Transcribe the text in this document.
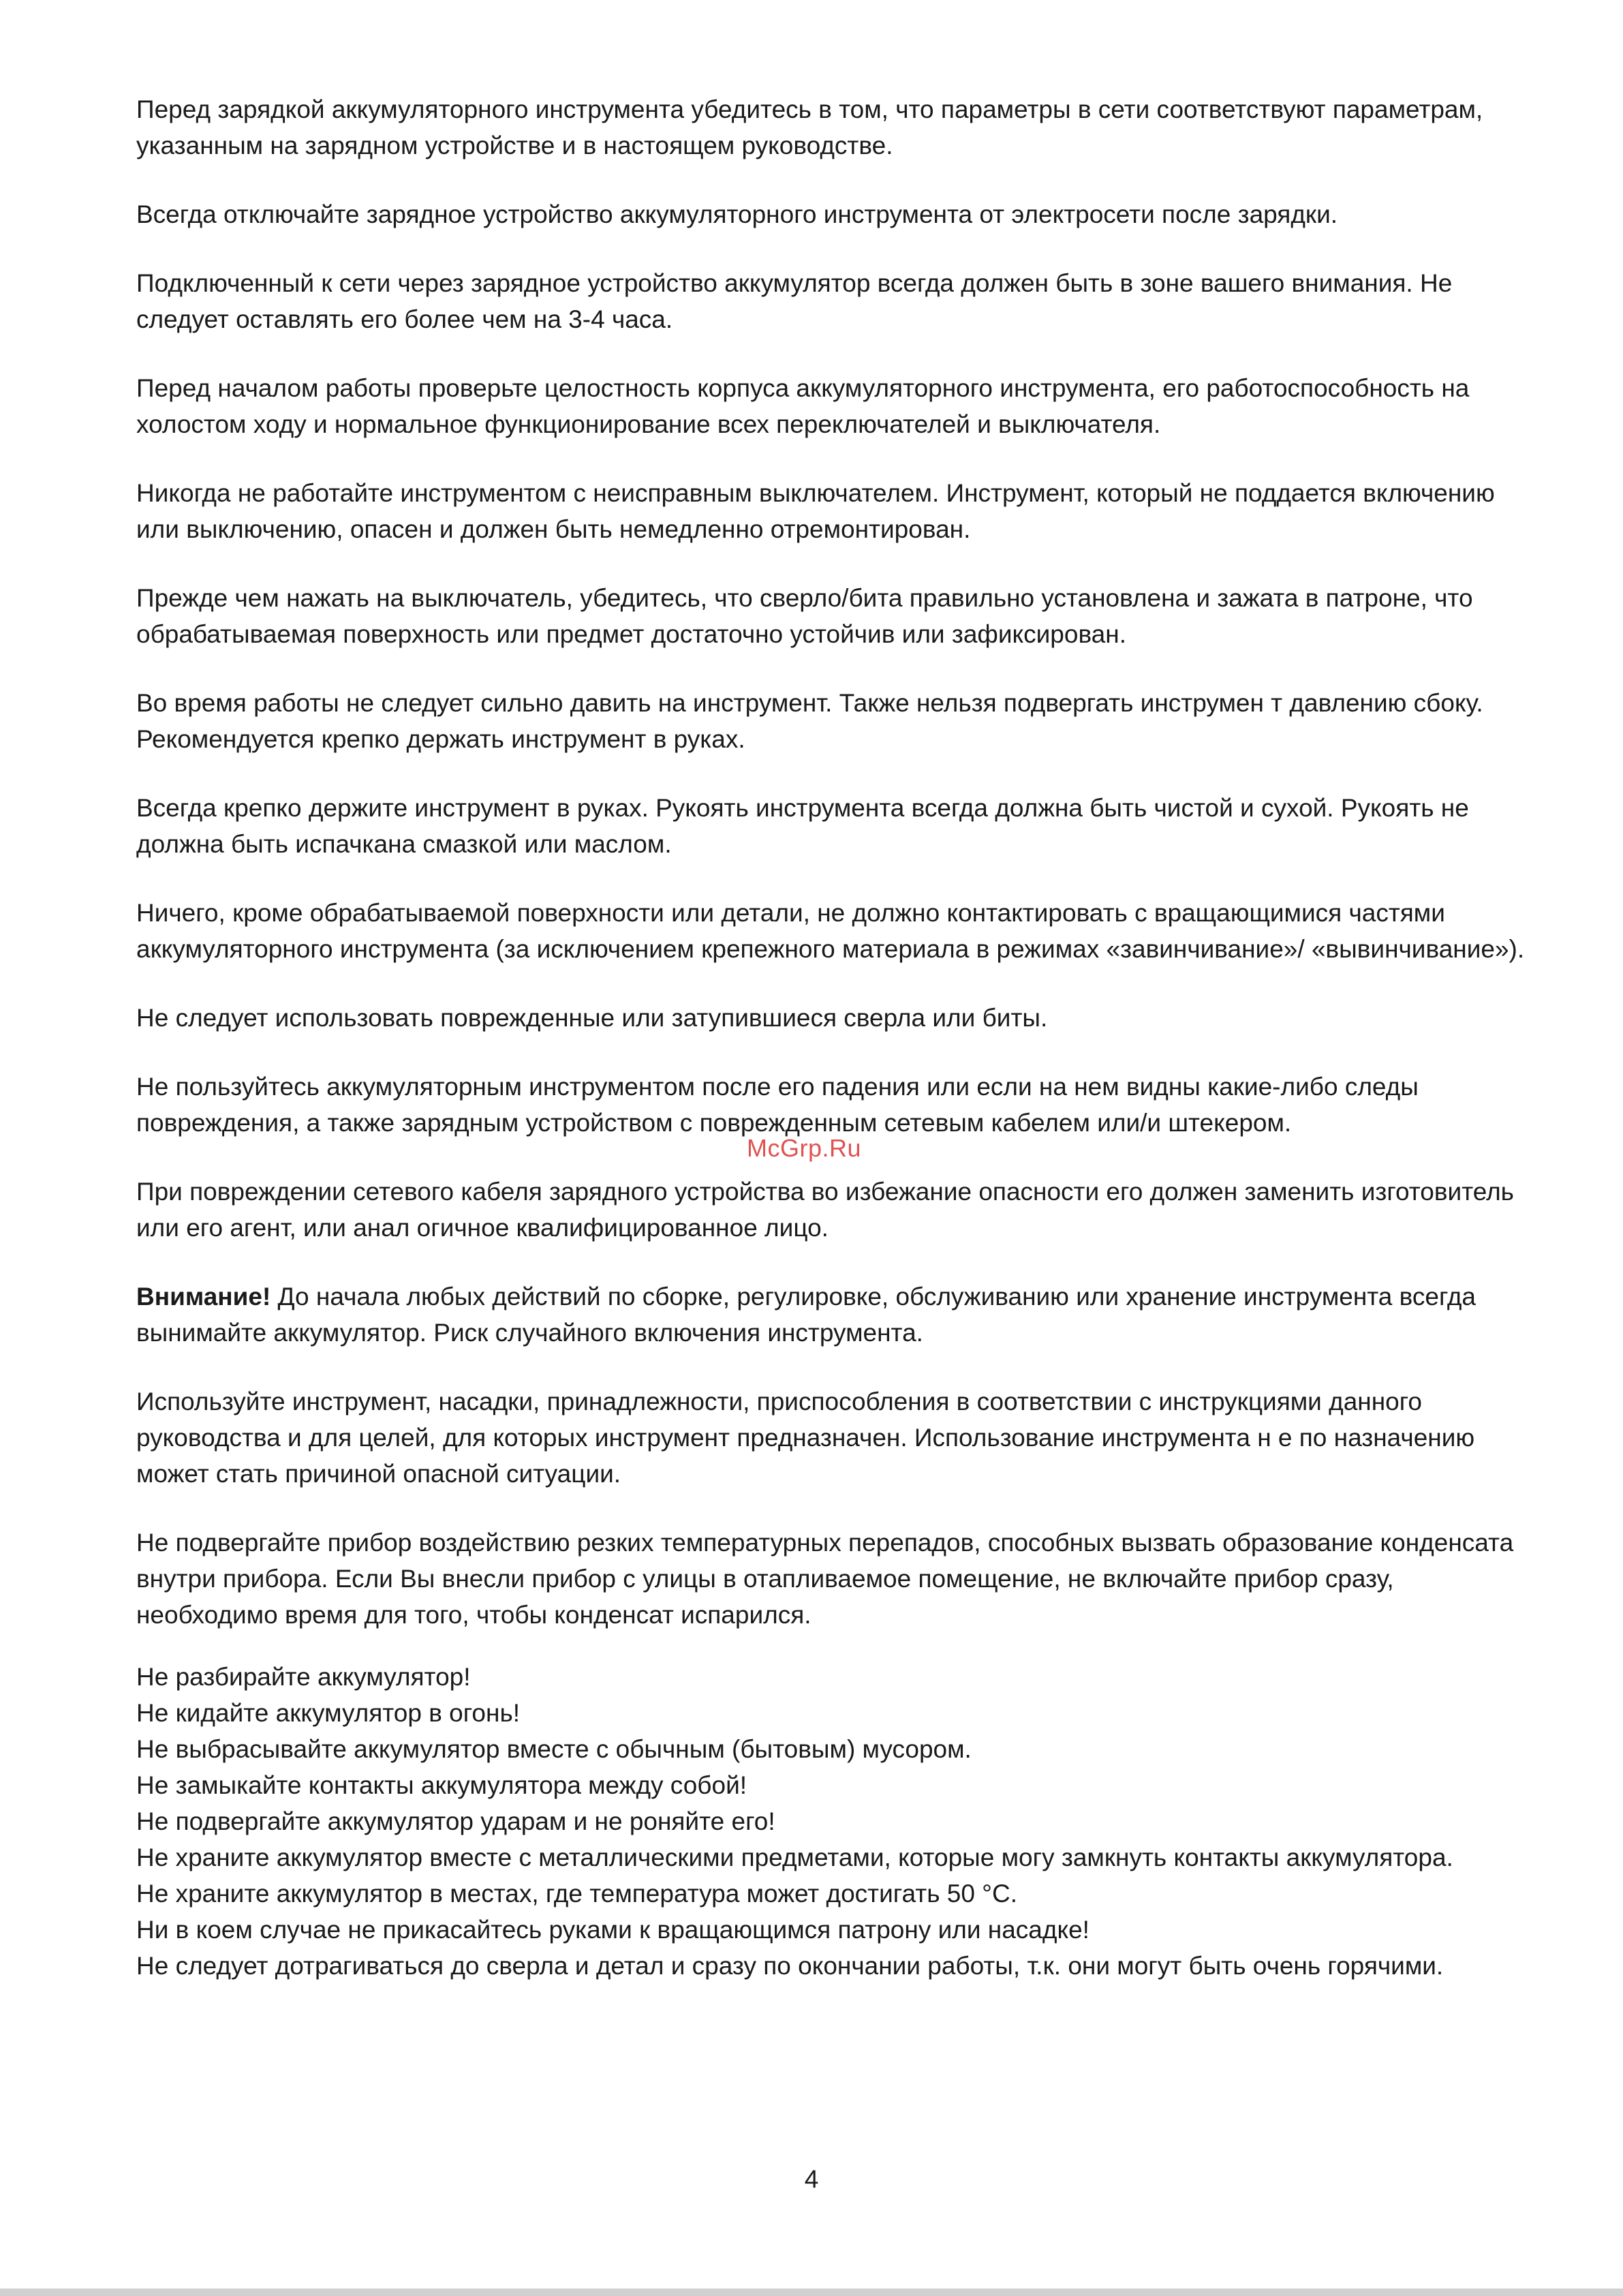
Перед зарядкой аккумуляторного инструмента убедитесь в том, что параметры в сети соответствуют параметрам, указанным на зарядном устройстве и в настоящем руководстве.

Всегда отключайте зарядное устройство аккумуляторного инструмента от электросети после зарядки.

Подключенный к сети через зарядное устройство аккумулятор всегда должен быть в зоне вашего внимания. Не следует оставлять его более чем на 3-4 часа.

Перед началом работы проверьте целостность корпуса аккумуляторного инструмента, его работоспособность на холостом ходу и нормальное функционирование всех переключателей и выключателя.

Никогда не работайте инструментом с неисправным выключателем. Инструмент, который не поддается включению или выключению, опасен и должен быть немедленно отремонтирован.

Прежде чем нажать на выключатель, убедитесь, что сверло/бита правильно установлена и зажата в патроне, что обрабатываемая поверхность или предмет достаточно устойчив или зафиксирован.

Во время работы не следует сильно давить на инструмент. Также нельзя подвергать инструмен т давлению сбоку. Рекомендуется крепко держать инструмент в руках.

Всегда крепко держите инструмент в руках. Рукоять инструмента всегда должна быть чистой и сухой. Рукоять не должна быть испачкана смазкой или маслом.

Ничего, кроме обрабатываемой поверхности или детали, не должно контактировать с вращающимися частями аккумуляторного инструмента (за исключением крепежного материала в режимах «завинчивание»/ «вывинчивание»).

Не следует использовать поврежденные или затупившиеся сверла или биты.

Не пользуйтесь аккумуляторным инструментом после его падения или если на нем видны какие-либо следы повреждения, а также зарядным устройством с поврежденным сетевым кабелем или/и штекером.

При повреждении сетевого кабеля зарядного устройства во избежание опасности его должен заменить изготовитель или его агент, или анал огичное квалифицированное лицо.

Внимание! До начала любых действий по сборке, регулировке, обслуживанию или хранение инструмента всегда вынимайте аккумулятор. Риск случайного включения инструмента.

Используйте инструмент, насадки, принадлежности, приспособления в соответствии с инструкциями данного руководства и для целей, для которых инструмент предназначен. Использование инструмента н е по назначению может стать причиной опасной ситуации.

Не подвергайте прибор воздействию резких температурных перепадов, способных вызвать образование конденсата внутри прибора. Если Вы внесли прибор с улицы в отапливаемое помещение, не включайте прибор сразу, необходимо время для того, чтобы конденсат испарился.

Не разбирайте аккумулятор!
Не кидайте аккумулятор в огонь!
Не выбрасывайте аккумулятор вместе с обычным (бытовым) мусором.
Не замыкайте контакты аккумулятора между собой!
Не подвергайте аккумулятор ударам и не роняйте его!
Не храните аккумулятор вместе с металлическими предметами, которые могу замкнуть контакты аккумулятора.
Не храните аккумулятор в местах, где температура может достигать 50 °С.
Ни в коем случае не прикасайтесь руками к вращающимся патрону или насадке!
Не следует дотрагиваться до сверла и детал и сразу по окончании работы, т.к. они могут быть очень горячими.
McGrp.Ru
4
